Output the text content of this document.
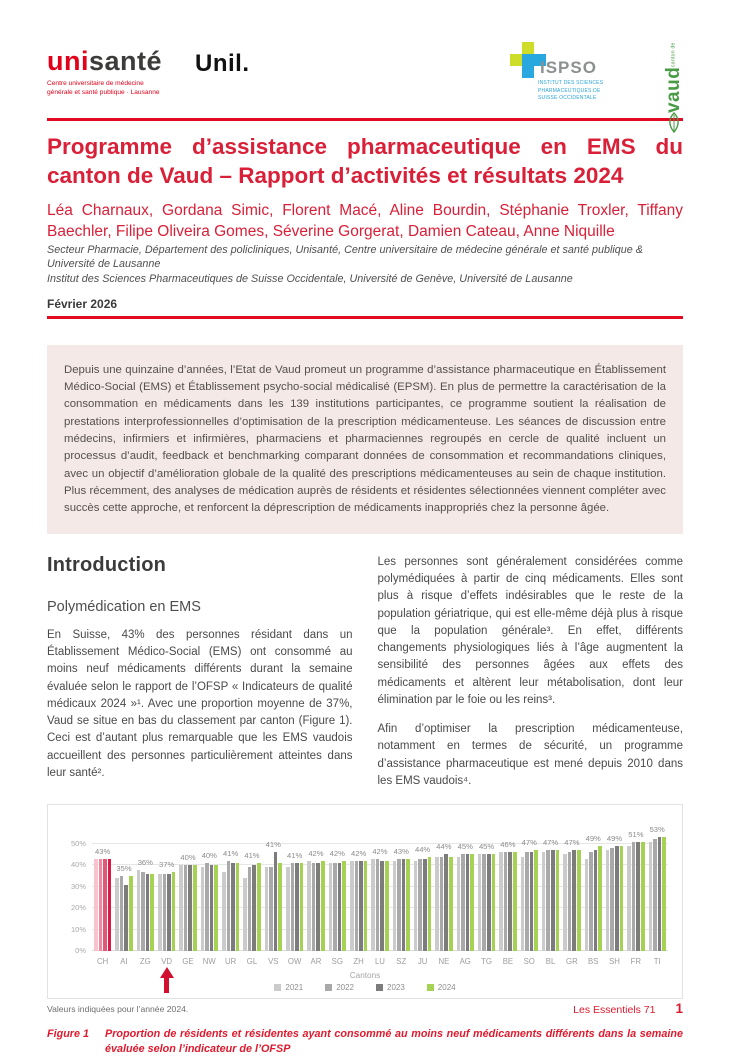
unisanté
Centre universitaire de médecine générale et santé publique · Lausanne
Unil.	ISPSO
INSTITUT DES SCIENCES PHARMACEUTIQUES DE SUISSE OCCIDENTALE	vaud
canton de
Programme d’assistance pharmaceutique en EMS du canton de Vaud – Rapport d’activités et résultats 2024

Léa Charnaux, Gordana Simic, Florent Macé, Aline Bourdin, Stéphanie Troxler, Tiffany Baechler, Filipe Oliveira Gomes, Séverine Gorgerat, Damien Cateau, Anne Niquille

Secteur Pharmacie, Département des policliniques, Unisanté, Centre universitaire de médecine générale et santé publique & Université de Lausanne

Institut des Sciences Pharmaceutiques de Suisse Occidentale, Université de Genève, Université de Lausanne

Février 2026

Depuis une quinzaine d’années, l’Etat de Vaud promeut un programme d’assistance pharmaceutique en Établissement Médico-Social (EMS) et Établissement psycho-social médicalisé (EPSM). En plus de permettre la caractérisation de la consommation en médicaments dans les 139 institutions participantes, ce programme soutient la réalisation de prestations interprofessionnelles d’optimisation de la prescription médicamenteuse. Les séances de discussion entre médecins, infirmiers et infirmières, pharmaciens et pharmaciennes regroupés en cercle de qualité incluent un processus d’audit, feedback et benchmarking comparant données de consommation et recommandations cliniques, avec un objectif d’amélioration globale de la qualité des prescriptions médicamenteuses au sein de chaque institution. Plus récemment, des analyses de médication auprès de résidents et résidentes sélectionnées viennent compléter avec succès cette approche, et renforcent la déprescription de médicaments inappropriés chez la personne âgée.
Introduction
Polymédication en EMS

En Suisse, 43% des personnes résidant dans un Établissement Médico-Social (EMS) ont consommé au moins neuf médicaments différents durant la semaine évaluée selon le rapport de l’OFSP « Indicateurs de qualité médicaux 2024 »¹. Avec une proportion moyenne de 37%, Vaud se situe en bas du classement par canton (Figure 1). Ceci est d’autant plus remarquable que les EMS vaudois accueillent des personnes particulièrement atteintes dans leur santé².

Les personnes sont généralement considérées comme polymédiquées à partir de cinq médicaments. Elles sont plus à risque d’effets indésirables que le reste de la population gériatrique, qui est elle-même déjà plus à risque que la population générale³. En effet, différents changements physiologiques liés à l’âge augmentent la sensibilité des personnes âgées aux effets des médicaments et altèrent leur métabolisation, dont leur élimination par le foie ou les reins³.

Afin d’optimiser la prescription médicamenteuse, notamment en termes de sécurité, un programme d’assistance pharmaceutique est mené depuis 2010 dans les EMS vaudois⁴.

0%
10%
20%
30%
40%
50%
43%
CH
35%
AI
36%
ZG
37%
VD
40%
GE
40%
NW
41%
UR
41%
GL
41%
VS
41%
OW
42%
AR
42%
SG
42%
ZH
42%
LU
43%
SZ
44%
JU
44%
NE
45%
AG
45%
TG
46%
BE
47%
SO
47%
BL
47%
GR
49%
BS
49%
SH
51%
FR
53%
TI
Cantons
2021	2022	2023	2024

Valeurs indiquées pour l’année 2024.

Figure 1	Proportion de résidents et résidentes ayant consommé au moins neuf médicaments différents dans la semaine évaluée selon l’indicateur de l’OFSP

Les Essentiels 71 1
